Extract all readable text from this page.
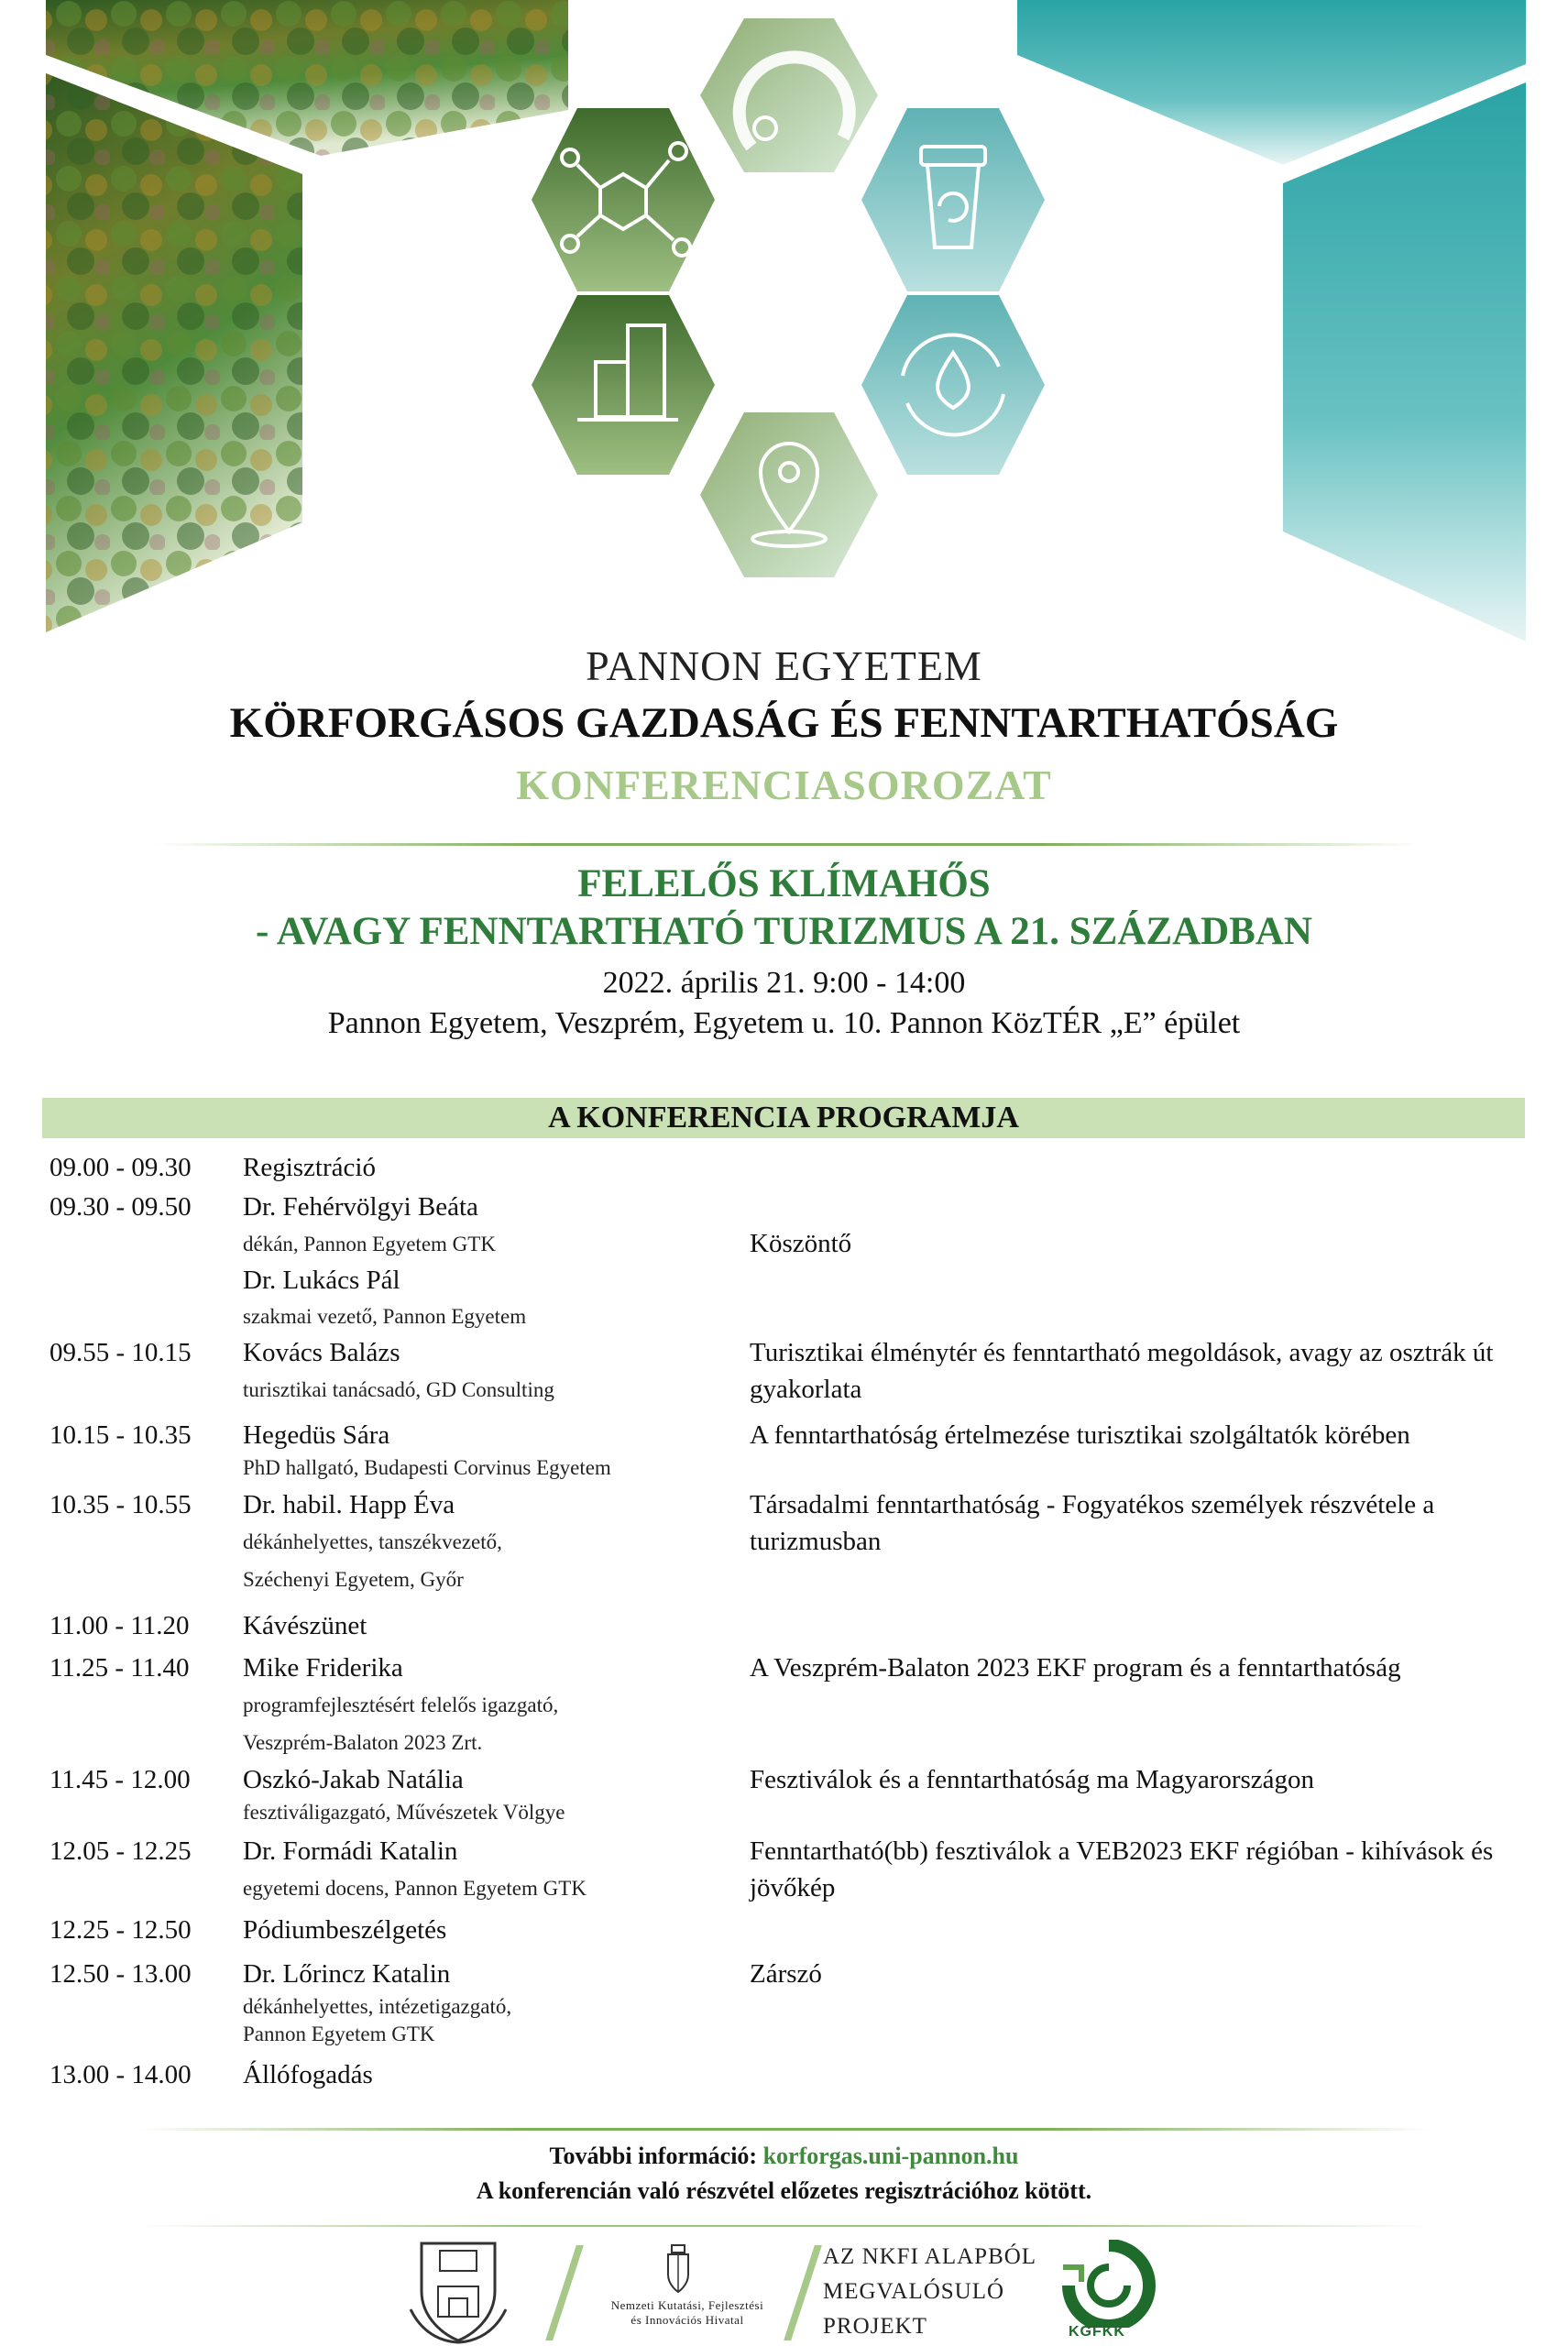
PANNON EGYETEM
KÖRFORGÁSOS GAZDASÁG ÉS FENNTARTHATÓSÁG
KONFERENCIASOROZAT
FELELŐS KLÍMAHŐS
- AVAGY FENNTARTHATÓ TURIZMUS A 21. SZÁZADBAN
2022. április 21. 9:00 - 14:00
Pannon Egyetem, Veszprém, Egyetem u. 10. Pannon KözTÉR „E” épület
A KONFERENCIA PROGRAMJA
09.00 - 09.30 Regisztráció
09.30 - 09.50 Dr. Fehérvölgyi Beáta
dékán, Pannon Egyetem GTK
Dr. Lukács Pál
szakmai vezető, Pannon Egyetem
Köszöntő
09.55 - 10.15 Kovács Balázs
turisztikai tanácsadó, GD Consulting
Turisztikai élménytér és fenntartható megoldások, avagy az osztrák út gyakorlata
10.15 - 10.35 Hegedüs Sára
PhD hallgató, Budapesti Corvinus Egyetem
A fenntarthatóság értelmezése turisztikai szolgáltatók körében
10.35 - 10.55 Dr. habil. Happ Éva
dékánhelyettes, tanszékvezető,
Széchenyi Egyetem, Győr
Társadalmi fenntarthatóság - Fogyatékos személyek részvétele a turizmusban
11.00 - 11.20 Kávészünet
11.25 - 11.40 Mike Friderika
programfejlesztésért felelős igazgató,
Veszprém-Balaton 2023 Zrt.
A Veszprém-Balaton 2023 EKF program és a fenntarthatóság
11.45 - 12.00 Oszkó-Jakab Natália
fesztiváligazgató, Művészetek Völgye
Fesztiválok és a fenntarthatóság ma Magyarországon
12.05 - 12.25 Dr. Formádi Katalin
egyetemi docens, Pannon Egyetem GTK
Fenntartható(bb) fesztiválok a VEB2023 EKF régióban - kihívások és jövőkép
12.25 - 12.50 Pódiumbeszélgetés
12.50 - 13.00 Dr. Lőrincz Katalin
dékánhelyettes, intézetigazgató,
Pannon Egyetem GTK
Zárszó
13.00 - 14.00 Állófogadás
További információ: korforgas.uni-pannon.hu
A konferencián való részvétel előzetes regisztrációhoz kötött.
Nemzeti Kutatási, Fejlesztési
és Innovációs Hivatal
AZ NKFI ALAPBÓL
MEGVALÓSULÓ
PROJEKT	KGFKK
